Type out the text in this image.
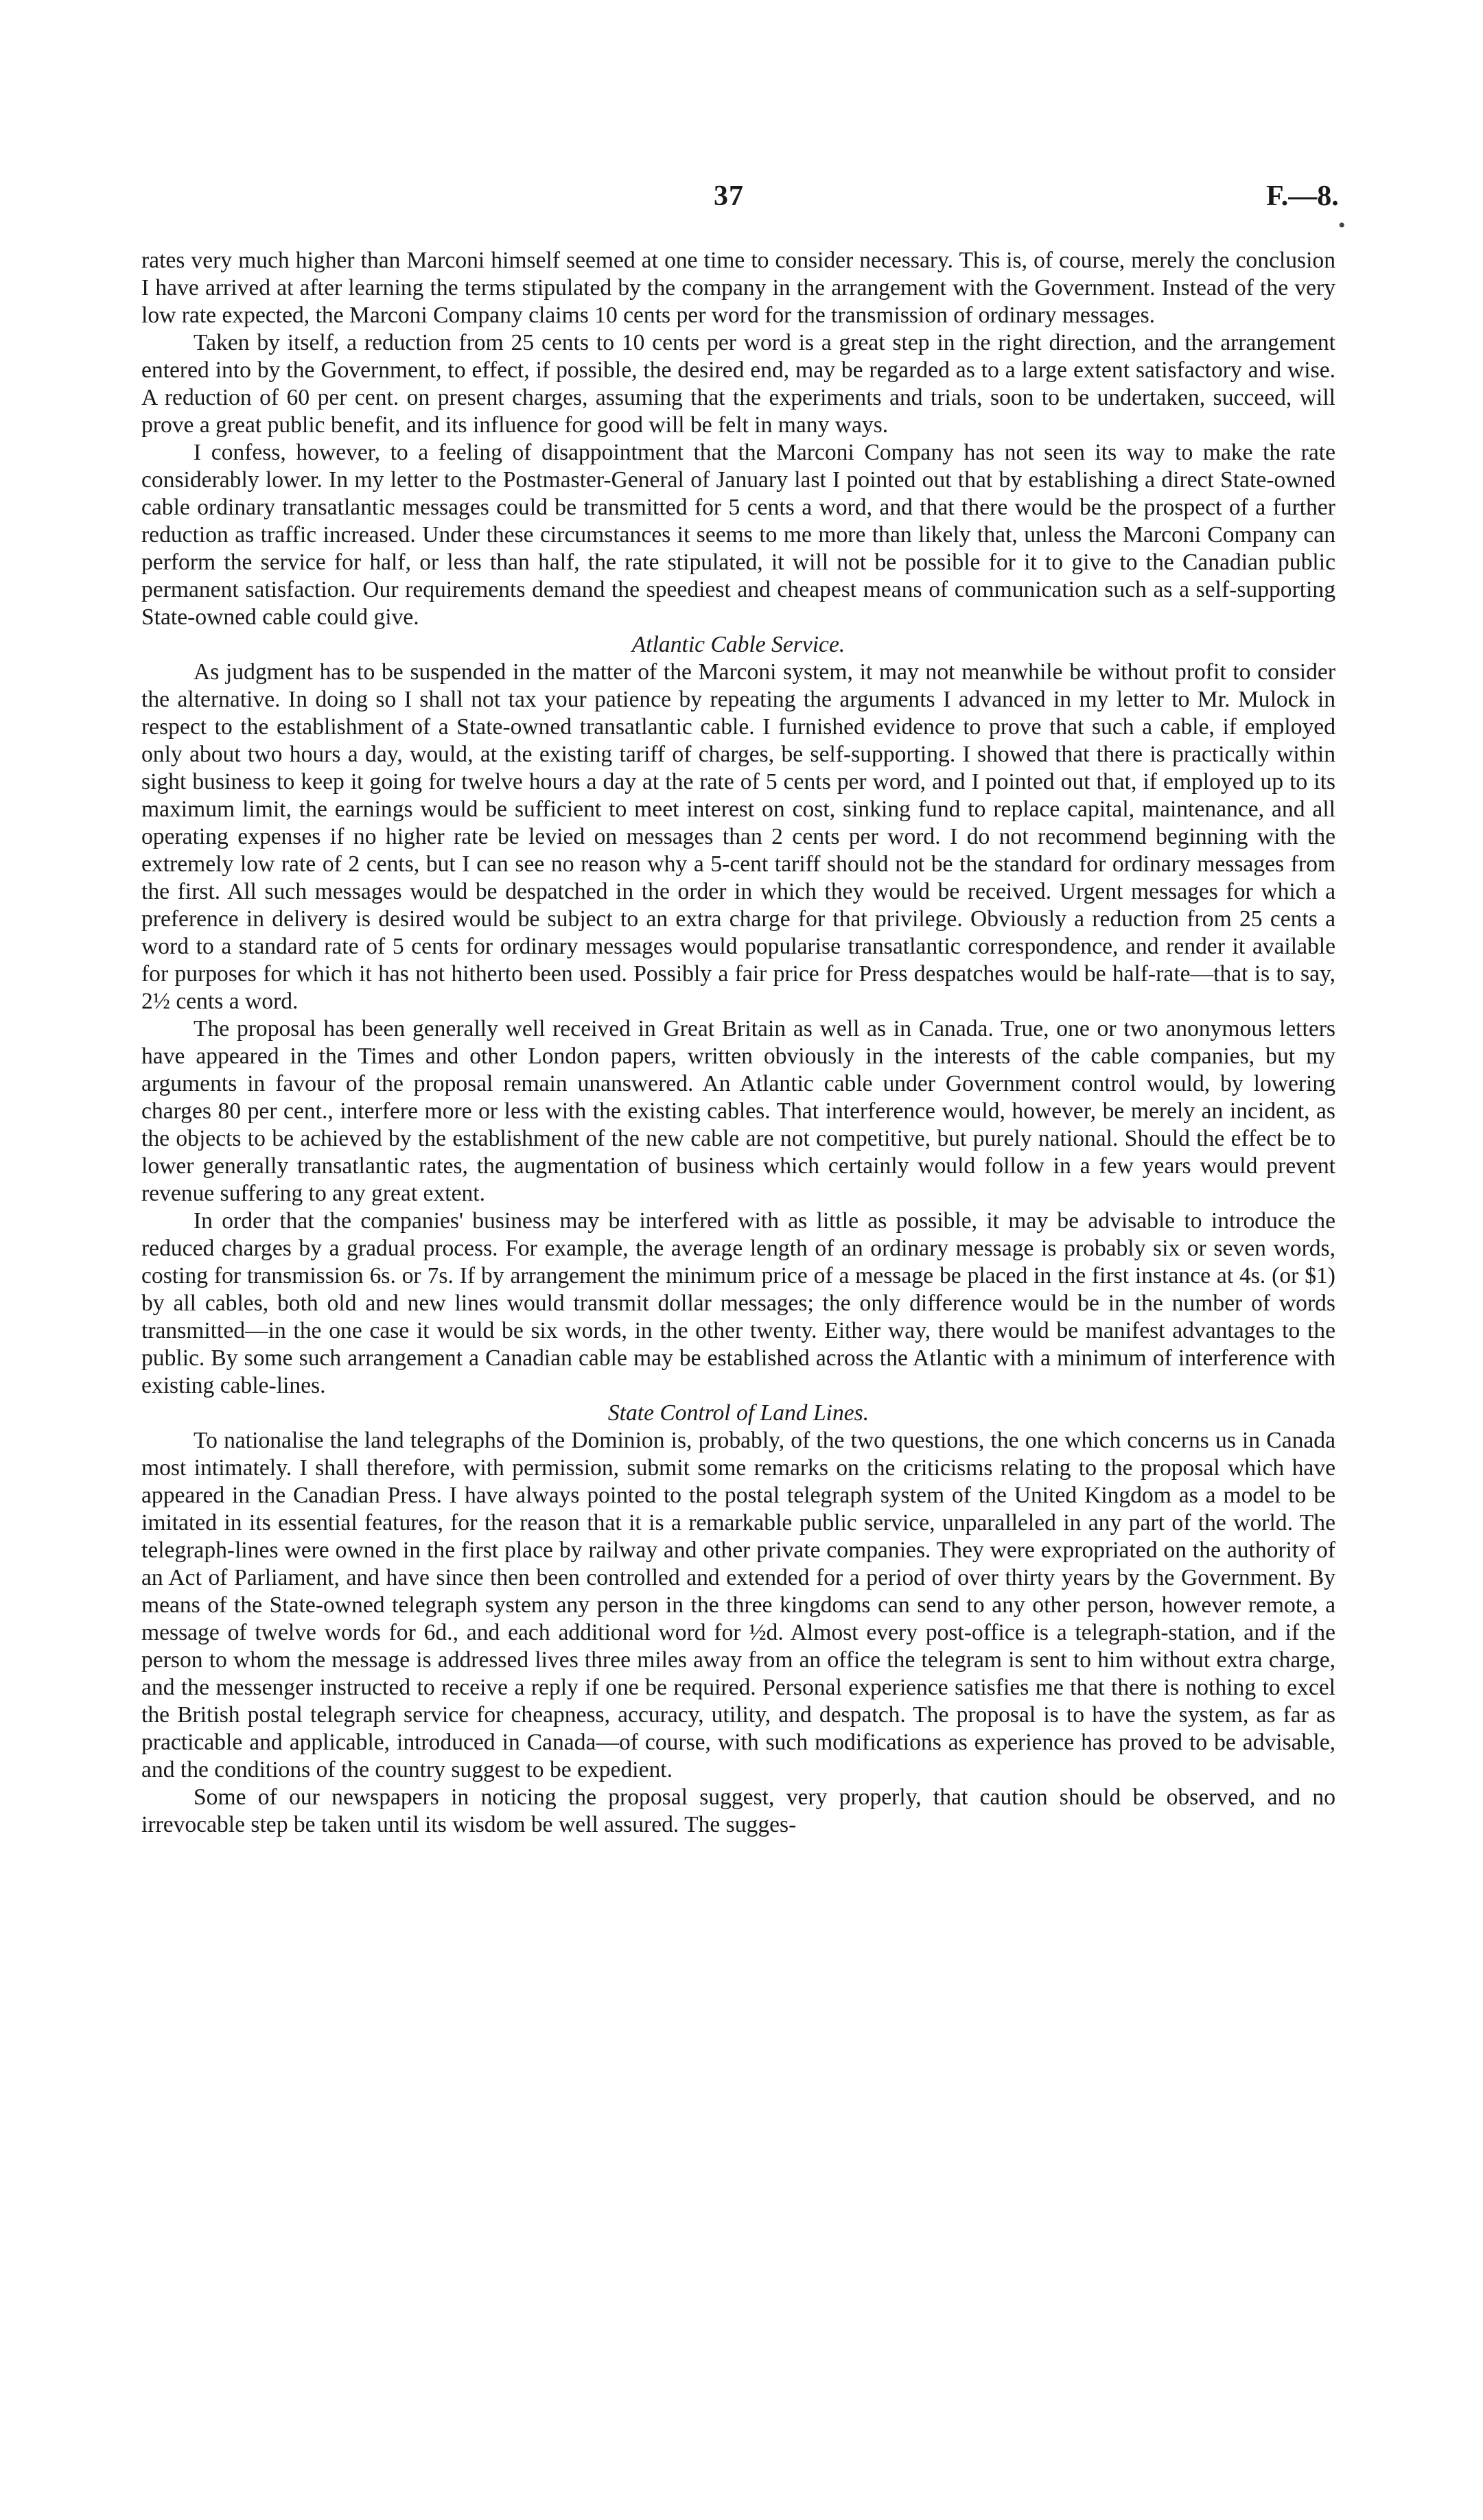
37	F.—8.
•

rates very much higher than Marconi himself seemed at one time to consider necessary. This is, of course, merely the conclusion I have arrived at after learning the terms stipulated by the company in the arrangement with the Government. Instead of the very low rate expected, the Marconi Company claims 10 cents per word for the transmission of ordinary messages.

Taken by itself, a reduction from 25 cents to 10 cents per word is a great step in the right direction, and the arrangement entered into by the Government, to effect, if possible, the desired end, may be regarded as to a large extent satisfactory and wise. A reduction of 60 per cent. on present charges, assuming that the experiments and trials, soon to be undertaken, succeed, will prove a great public benefit, and its influence for good will be felt in many ways.

I confess, however, to a feeling of disappointment that the Marconi Company has not seen its way to make the rate considerably lower. In my letter to the Postmaster-General of January last I pointed out that by establishing a direct State-owned cable ordinary transatlantic messages could be transmitted for 5 cents a word, and that there would be the prospect of a further reduction as traffic increased. Under these circumstances it seems to me more than likely that, unless the Marconi Company can perform the service for half, or less than half, the rate stipulated, it will not be possible for it to give to the Canadian public permanent satisfaction. Our requirements demand the speediest and cheapest means of communication such as a self-supporting State-owned cable could give.

Atlantic Cable Service.

As judgment has to be suspended in the matter of the Marconi system, it may not meanwhile be without profit to consider the alternative. In doing so I shall not tax your patience by repeating the arguments I advanced in my letter to Mr. Mulock in respect to the establishment of a State-owned transatlantic cable. I furnished evidence to prove that such a cable, if employed only about two hours a day, would, at the existing tariff of charges, be self-supporting. I showed that there is practically within sight business to keep it going for twelve hours a day at the rate of 5 cents per word, and I pointed out that, if employed up to its maximum limit, the earnings would be sufficient to meet interest on cost, sinking fund to replace capital, maintenance, and all operating expenses if no higher rate be levied on messages than 2 cents per word. I do not recommend beginning with the extremely low rate of 2 cents, but I can see no reason why a 5-cent tariff should not be the standard for ordinary messages from the first. All such messages would be despatched in the order in which they would be received. Urgent messages for which a preference in delivery is desired would be subject to an extra charge for that privilege. Obviously a reduction from 25 cents a word to a standard rate of 5 cents for ordinary messages would popularise transatlantic correspondence, and render it available for purposes for which it has not hitherto been used. Possibly a fair price for Press despatches would be half-rate—that is to say, 2½ cents a word.

The proposal has been generally well received in Great Britain as well as in Canada. True, one or two anonymous letters have appeared in the Times and other London papers, written obviously in the interests of the cable companies, but my arguments in favour of the proposal remain unanswered. An Atlantic cable under Government control would, by lowering charges 80 per cent., interfere more or less with the existing cables. That interference would, however, be merely an incident, as the objects to be achieved by the establishment of the new cable are not competitive, but purely national. Should the effect be to lower generally transatlantic rates, the augmentation of business which certainly would follow in a few years would prevent revenue suffering to any great extent.

In order that the companies' business may be interfered with as little as possible, it may be advisable to introduce the reduced charges by a gradual process. For example, the average length of an ordinary message is probably six or seven words, costing for transmission 6s. or 7s. If by arrangement the minimum price of a message be placed in the first instance at 4s. (or $1) by all cables, both old and new lines would transmit dollar messages; the only difference would be in the number of words transmitted—in the one case it would be six words, in the other twenty. Either way, there would be manifest advantages to the public. By some such arrangement a Canadian cable may be established across the Atlantic with a minimum of interference with existing cable-lines.

State Control of Land Lines.

To nationalise the land telegraphs of the Dominion is, probably, of the two questions, the one which concerns us in Canada most intimately. I shall therefore, with permission, submit some remarks on the criticisms relating to the proposal which have appeared in the Canadian Press. I have always pointed to the postal telegraph system of the United Kingdom as a model to be imitated in its essential features, for the reason that it is a remarkable public service, unparalleled in any part of the world. The telegraph-lines were owned in the first place by railway and other private companies. They were expropriated on the authority of an Act of Parliament, and have since then been controlled and extended for a period of over thirty years by the Government. By means of the State-owned telegraph system any person in the three kingdoms can send to any other person, however remote, a message of twelve words for 6d., and each additional word for ½d. Almost every post-office is a telegraph-station, and if the person to whom the message is addressed lives three miles away from an office the telegram is sent to him without extra charge, and the messenger instructed to receive a reply if one be required. Personal experience satisfies me that there is nothing to excel the British postal telegraph service for cheapness, accuracy, utility, and despatch. The proposal is to have the system, as far as practicable and applicable, introduced in Canada—of course, with such modifications as experience has proved to be advisable, and the conditions of the country suggest to be expedient.

Some of our newspapers in noticing the proposal suggest, very properly, that caution should be observed, and no irrevocable step be taken until its wisdom be well assured. The sugges-
